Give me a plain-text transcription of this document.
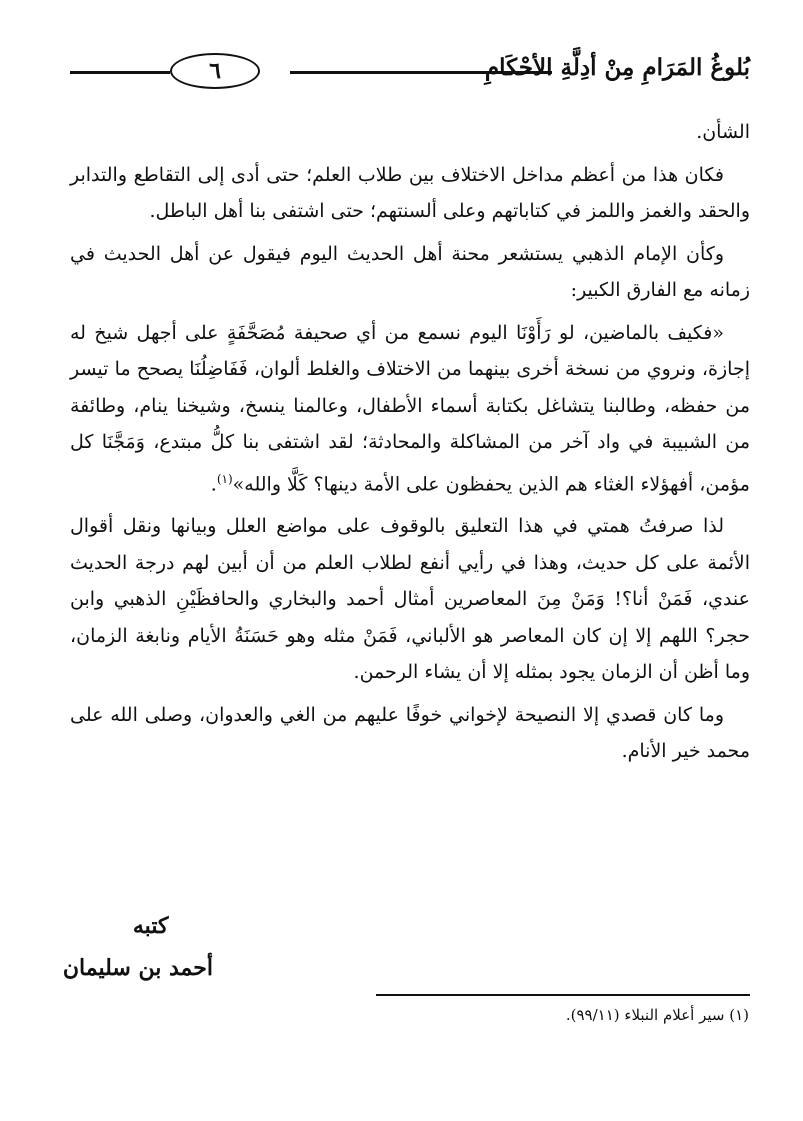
٦	بُلوغُ المَرَامِ مِنْ أدِلَّةِ الأحْكَامِ

الشأن.

فكان هذا من أعظم مداخل الاختلاف بين طلاب العلم؛ حتى أدى إلى التقاطع والتدابر والحقد والغمز واللمز في كتاباتهم وعلى ألسنتهم؛ حتى اشتفى بنا أهل الباطل.

وكأن الإمام الذهبي يستشعر محنة أهل الحديث اليوم فيقول عن أهل الحديث في زمانه مع الفارق الكبير:

«فكيف بالماضين، لو رَأَوْنَا اليوم نسمع من أي صحيفة مُصَحَّفَةٍ على أجهل شيخ له إجازة، ونروي من نسخة أخرى بينهما من الاختلاف والغلط ألوان، فَفَاضِلُنَا يصحح ما تيسر من حفظه، وطالبنا يتشاغل بكتابة أسماء الأطفال، وعالمنا ينسخ، وشيخنا ينام، وطائفة من الشبيبة في واد آخر من المشاكلة والمحادثة؛ لقد اشتفى بنا كلُّ مبتدع، وَمَجَّنَا كل مؤمن، أفهؤلاء الغثاء هم الذين يحفظون على الأمة دينها؟ كَلَّا والله»$^{(١)}$.

لذا صرفتُ همتي في هذا التعليق بالوقوف على مواضع العلل وبيانها ونقل أقوال الأئمة على كل حديث، وهذا في رأيي أنفع لطلاب العلم من أن أبين لهم درجة الحديث عندي، فَمَنْ أنا؟! وَمَنْ مِنَ المعاصرين أمثال أحمد والبخاري والحافظَيْنِ الذهبي وابن حجر؟ اللهم إلا إن كان المعاصر هو الألباني، فَمَنْ مثله وهو حَسَنَةُ الأيام ونابغة الزمان، وما أظن أن الزمان يجود بمثله إلا أن يشاء الرحمن.

وما كان قصدي إلا النصيحة لإخواني خوفًا عليهم من الغي والعدوان، وصلى الله على محمد خير الأنام.

كتبه
أحمد بن سليمان
(١) سير أعلام النبلاء (٩٩/١١).
